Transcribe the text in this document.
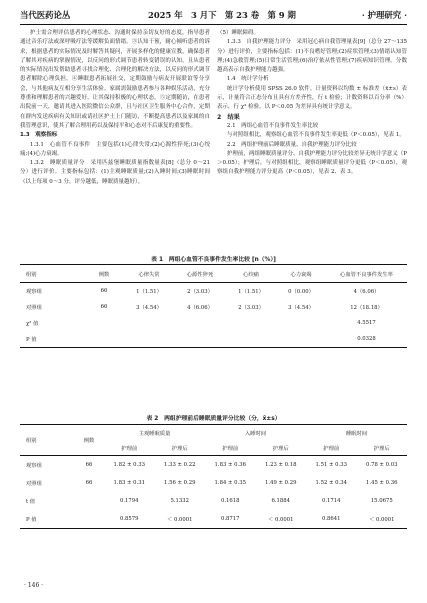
当代医药论丛	2025 年　3 月下　第 23 卷　第 9 期	· 护理研究 ·

护士需合理评估患者的心理状态、沟通时保持亲切友好的态度，指导患者通过音乐疗法或深呼吸疗法等缓解负面情绪。③认知干预，耐心倾听患者的诉求，根据患者的实际情况及时解答其疑问，开展多样化的健康宣教，确保患者了解其对疾病的掌握情况，以反问的形式调节患者转变错误的认知，且从患者的实际情况出发帮助患者寻找合理化、合理化的解决方法，以反问的形式调节患者解除心理负担。④睡眠患者拓展社交，定期鼓励与病友开展联谊等分享会，与其他病友互相分享生活体验。家属需鼓励患者参与各种娱乐活动，充分尊重和理解患者的兴趣爱好，让其保持积极的心理状态。⑤定期随访，在患者出院前一天，邀请其进入医院微信公众群，且与社区卫生服务中心合作，定期在群内发送疾病有关知识或请社区护士上门随访，不断提高患者以及家属的自我管理意识，使其了解合理用药以及保持平和心态对不后康复的重要性。

1.3　观察指标

1.3.1　心血管不良事件　主要包括(1)心律失常;(2)心源性猝死;(3)心绞痛;(4)心力衰竭。

1.3.2　睡眠质量评分　采用匹兹堡睡眠质量指数量表[8]（总分 0～21 分）进行评价。主要指标包括：(1)主观睡眠质量;(2)入睡时间;(3)睡眠时间（以上每项 0～3 分，评分越低，睡眠质量越好）。

（5）睡眠障碍。

1.3.3　自我护理能力评分　采用冠心病自我管理量表[9]（总分 27～135 分）进行评价，主要指标包括：(1)不良嗜好管理;(2)症状管理;(3)情绪认知管理;(4)急救管理;(5)日常生活管理;(6)治疗依从性管理;(7)疾病知识管理。分数越高表示自我护理能力越强。

1.4　统计学分析

统计学分析使用 SPSS 26.0 软件。计量资料以均数 ± 标准差（x̄±s）表示，计量符合正态分布且具有方差齐性，行 t 检验；计数资料以百分率（%）表示，行 χ² 检验。以 P＜0.05 为差异具有统计学意义。

2　结果

2.1　两组心血管不良事件发生率比较

与对照组相比，观察组心血管不良事件发生率更低（P＜0.05），见表 1。

2.2　两组护理前后睡眠质量、自我护理能力评分比较

护理前，两组睡眠质量评分、自我护理能力评分比较差异无统计学意义（P＞0.05）；护理后，与对照组相比，观察组睡眠质量评分更低（P＜0.05），观察组自我护理能力评分更高（P＜0.05），见表 2、表 3。

表 1　两组心血管不良事件发生率比较 [n（%）]
组别	例数	心律失常	心源性猝死	心绞痛	心力衰竭	心血管不良事件发生率
观察组	66	1（1.51）	2（3.03）	1（1.51）	0（0.00）	4（6.06）
对照组	66	3（4.54）	4（6.06）	2（3.03）	3（4.54）	12（18.18）
χ² 值						4.5517
P 值						0.0328
表 2　两组护理前后睡眠质量评分比较（分，x̄±s）
组别	例数	主观睡眠质量		入睡时间		睡眠时间	
		护理前	护理后	护理前	护理后	护理前	护理后
观察组	66	1.82 ± 0.33	1.33 ± 0.22	1.83 ± 0.36	1.23 ± 0.18	1.51 ± 0.33	0.78 ± 0.03
对照组	66	1.83 ± 0.31	1.56 ± 0.29	1.84 ± 0.35	1.49 ± 0.29	1.52 ± 0.34	1.45 ± 0.36
t 值		0.1794	5.1332	0.1618	6.1884	0.1714	15.0675
P 值		0.8579	＜ 0.0001	0.8717	＜ 0.0001	0.8641	＜ 0.0001
· 146 ·
